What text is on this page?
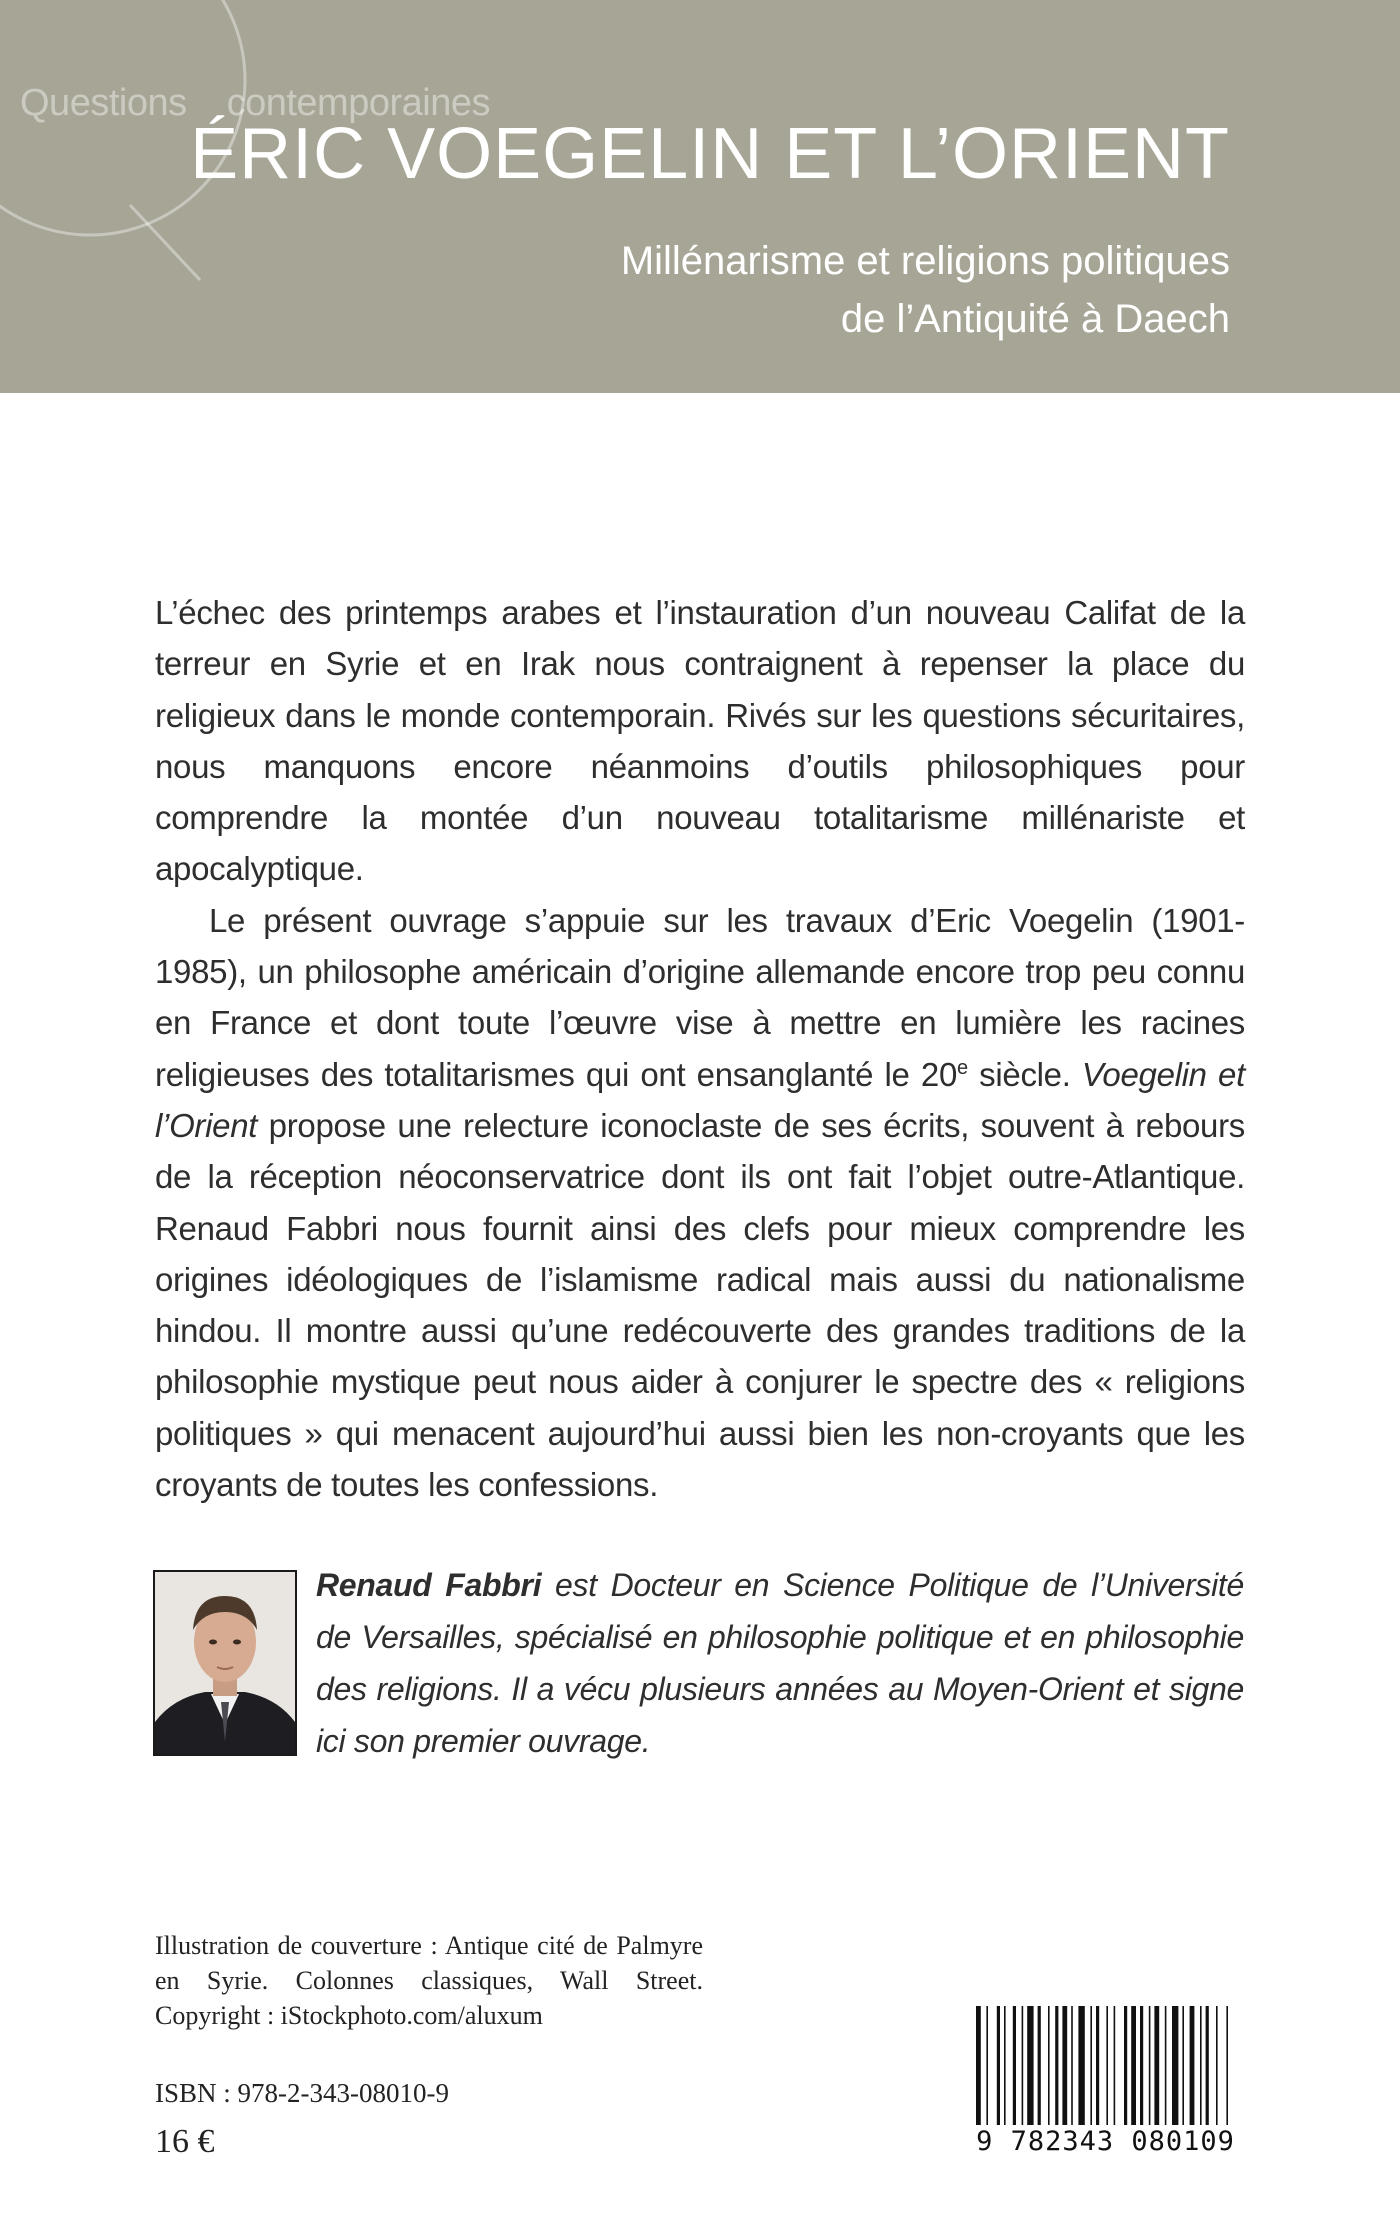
Questions contemporaines

ÉRIC VOEGELIN ET L’ORIENT

Millénarisme et religions politiques
de l’Antiquité à Daech

L’échec des printemps arabes et l’instauration d’un nouveau Califat de la terreur en Syrie et en Irak nous contraignent à repenser la place du religieux dans le monde contemporain. Rivés sur les questions sécuritaires, nous manquons encore néanmoins d’outils philosophiques pour comprendre la montée d’un nouveau totalitarisme millénariste et apocalyptique.

Le présent ouvrage s’appuie sur les travaux d’Eric Voegelin (1901-1985), un philosophe américain d’origine allemande encore trop peu connu en France et dont toute l’œuvre vise à mettre en lumière les racines religieuses des totalitarismes qui ont ensanglanté le 20e siècle. Voegelin et l’Orient propose une relecture iconoclaste de ses écrits, souvent à rebours de la réception néoconservatrice dont ils ont fait l’objet outre-Atlantique. Renaud Fabbri nous fournit ainsi des clefs pour mieux comprendre les origines idéologiques de l’islamisme radical mais aussi du nationalisme hindou. Il montre aussi qu’une redécouverte des grandes traditions de la philosophie mystique peut nous aider à conjurer le spectre des « religions politiques » qui menacent aujourd’hui aussi bien les non-croyants que les croyants de toutes les confessions.

Renaud Fabbri est Docteur en Science Politique de l’Université de Versailles, spécialisé en philosophie politique et en philosophie des religions. Il a vécu plusieurs années au Moyen-Orient et signe ici son premier ouvrage.

Illustration de couverture : Antique cité de Palmyre en Syrie. Colonnes classiques, Wall Street. Copyright : iStockphoto.com/aluxum

ISBN : 978-2-343-08010-9

16 €	9 782343 080109
